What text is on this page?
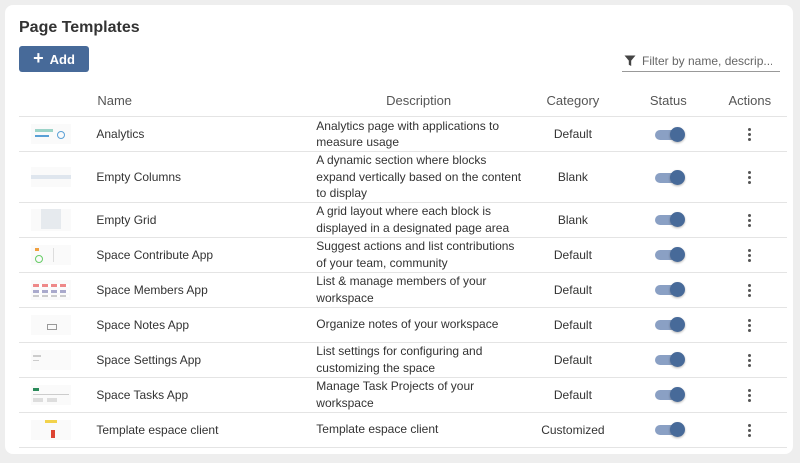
Page Templates
+ Add
Filter by name, descrip...
	Name	Description	Category	Status	Actions

	Analytics	Analytics page with applications to measure usage	Default	

	Empty Columns	A dynamic section where blocks expand vertically based on the content to display	Blank	

	Empty Grid	A grid layout where each block is displayed in a designated page area	Blank	

	Space Contribute App	Suggest actions and list contributions of your team, community	Default	

	Space Members App	List & manage members of your workspace	Default	

	Space Notes App	Organize notes of your workspace	Default	

	Space Settings App	List settings for configuring and customizing the space	Default	

	Space Tasks App	Manage Task Projects of your workspace	Default	

	Template espace client	Template espace client	Customized	
